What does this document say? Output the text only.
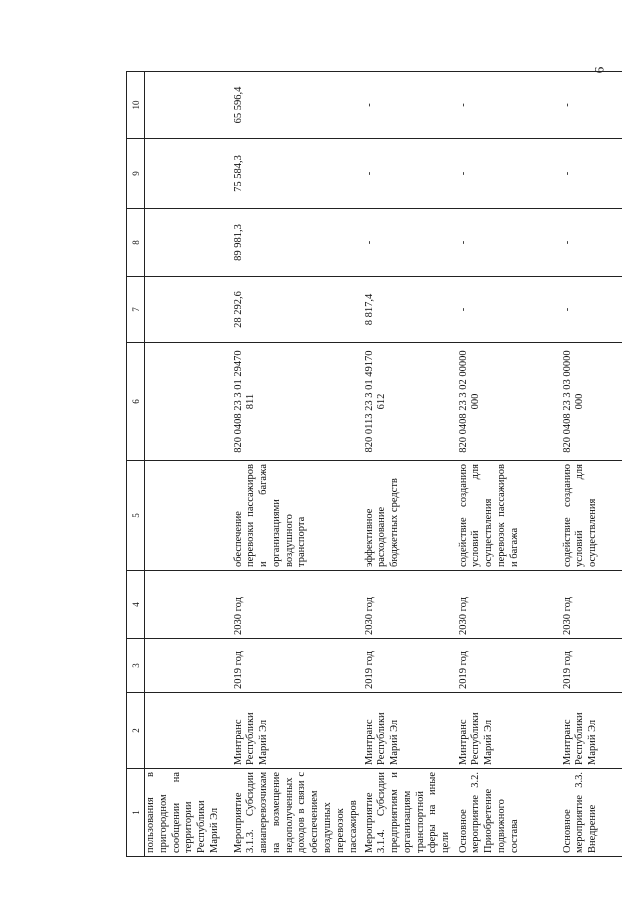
6
1	2	3	4	5	6	7	8	9	10
пользования в пригородном сообщении на территории Республики Марий Эл									
Мероприятие 3.1.3. Субсидии авиаперевозчикам на возмещение недополученных доходов в связи с обеспечением воздушных перевозок пассажиров	Минтранс Республики Марий Эл	2019 год	2030 год	обеспечение перевозки пассажиров и багажа организациями воздушного транспорта	820 0408 23 3 01 29470 811	28 292,6	89 981,3	75 584,3	65 596,4
Мероприятие 3.1.4. Субсидии предприятиям и организациям транспортной сферы на иные цели	Минтранс Республики Марий Эл	2019 год	2030 год	эффективное расходование бюджетных средств	820 0113 23 3 01 49170 612	8 817,4	-	-	-
Основное мероприятие 3.2. Приобретение подвижного состава	Минтранс Республики Марий Эл	2019 год	2030 год	содействие созданию условий для осуществления перевозок пассажиров и багажа	820 0408 23 3 02 00000 000	-	-	-	-
Основное мероприятие 3.3. Внедрение	Минтранс Республики Марий Эл	2019 год	2030 год	содействие созданию условий для осуществления	820 0408 23 3 03 00000 000	-	-	-	-
